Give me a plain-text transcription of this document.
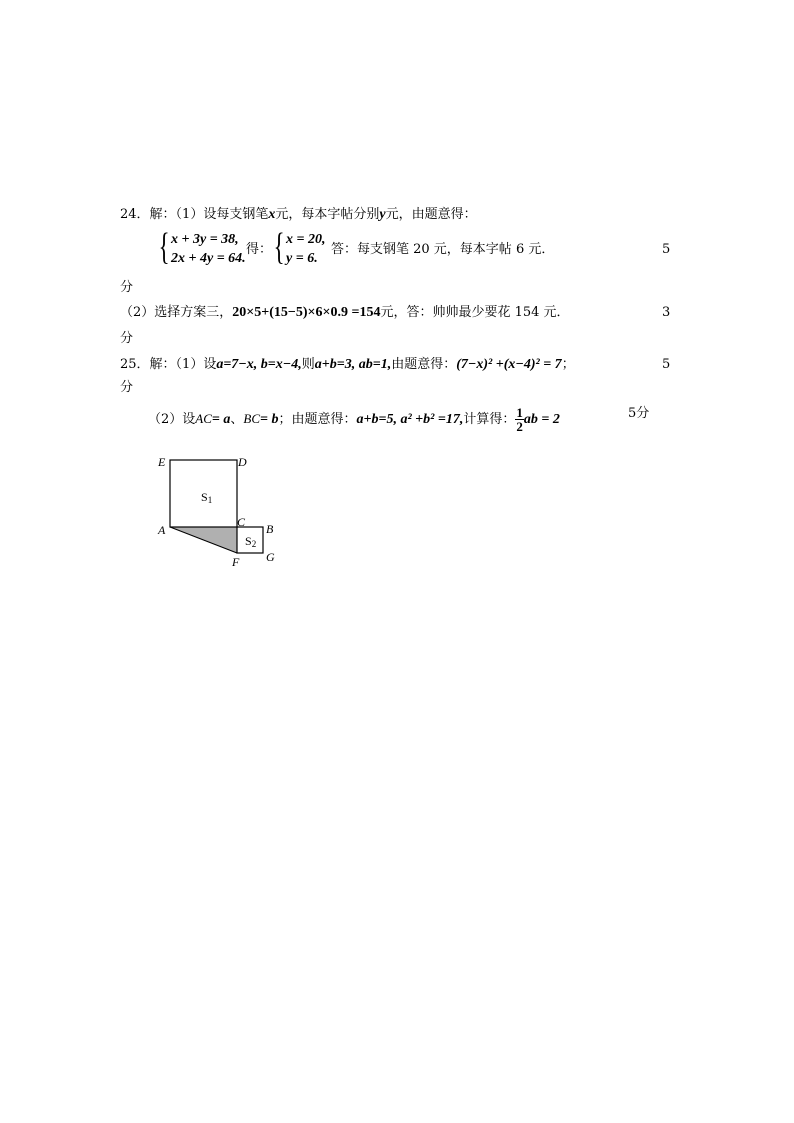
24．解：（1）设每支钢笔x元，每本字帖分别y元，由题意得：
{ x + 3y = 38,
2x + 4y = 64.
得： { x = 20,
y = 6.
答：每支钢笔 20 元，每本字帖 6 元．	5
分
（2）选择方案三，20×5+(15−5)×6×0.9 =154元，答：帅帅最少要花 154 元．	3
分
25．解：（1）设a=7−x, b=x−4,则a+b=3, ab=1,由题意得：(7−x)² +(x−4)² = 7；	5
分
（2）设AC= a、BC= b；由题意得：a+b=5, a² +b² =17,计算得： $\frac{1}{2}$ ab = 2	5分
E	D
A
C B
F G
S1
S2
